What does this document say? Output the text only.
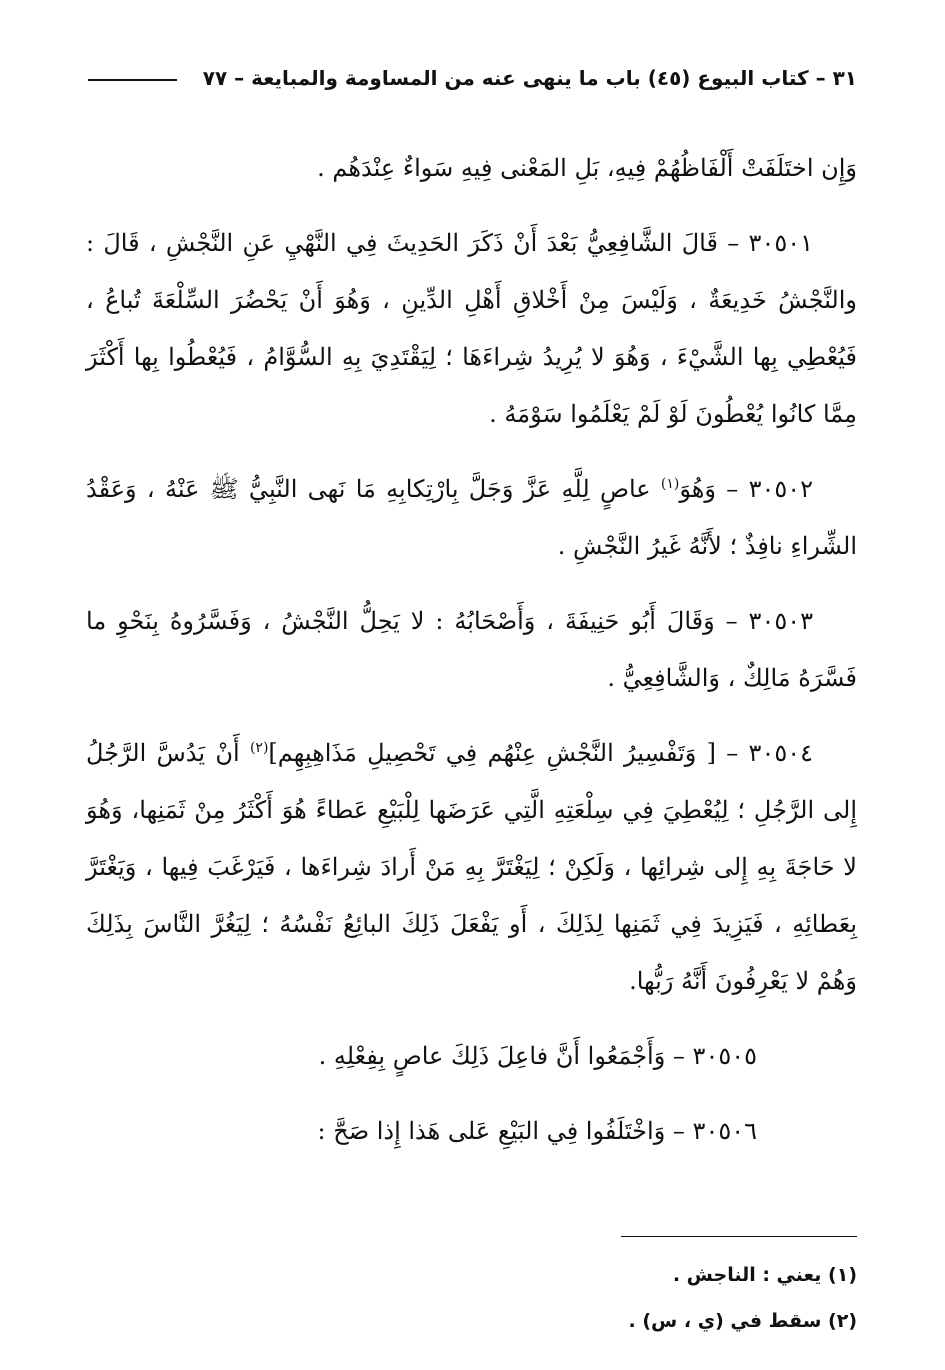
٣١ – كتاب البيوع (٤٥) باب ما ينهى عنه من المساومة والمبايعة – ٧٧

وَإِن اختَلَفَتْ أَلْفَاظُهُمْ فِيهِ، بَلِ المَعْنى فِيهِ سَواءٌ عِنْدَهُم .

٣٠٥٠١ – قَالَ الشَّافِعِيُّ بَعْدَ أَنْ ذَكَرَ الحَدِيثَ فِي النَّهْيِ عَنِ النَّجْشِ ، قَالَ : والنَّجْشُ خَدِيعَةٌ ، وَلَيْسَ مِنْ أَخْلاقِ أَهْلِ الدِّينِ ، وَهُوَ أَنْ يَحْضُرَ السِّلْعَةَ تُباعُ ، فَيُعْطِي بِها الشَّيْءَ ، وَهُوَ لا يُرِيدُ شِراءَهَا ؛ لِيَقْتَدِيَ بِهِ السُّوَّامُ ، فَيُعْطُوا بِها أَكْثَرَ مِمَّا كانُوا يُعْطُونَ لَوْ لَمْ يَعْلَمُوا سَوْمَهُ .

٣٠٥٠٢ – وَهُوَ$^{(١)}$ عاصٍ لِلَّهِ عَزَّ وَجَلَّ بِارْتِكابِهِ مَا نَهى النَّبِيُّ ﷺ عَنْهُ ، وَعَقْدُ الشِّراءِ نافِذٌ ؛ لأَنَّهُ غَيرُ النَّجْشِ .

٣٠٥٠٣ – وَقَالَ أَبُو حَنِيفَةَ ، وَأَصْحَابُهُ : لا يَحِلُّ النَّجْشُ ، وَفَسَّرُوهُ بِنَحْوِ ما فَسَّرَهُ مَالِكٌ ، وَالشَّافِعِيُّ .

٣٠٥٠٤ – [ وَتَفْسِيرُ النَّجْشِ عِنْهُم فِي تَحْصِيلِ مَذَاهِبِهِم]$^{(٢)}$ أَنْ يَدُسَّ الرَّجُلُ إِلى الرَّجُلِ ؛ لِيُعْطِيَ فِي سِلْعَتِهِ الَّتِي عَرَضَها لِلْبَيْعِ عَطاءً هُوَ أَكْثَرُ مِنْ ثَمَنِها، وَهُوَ لا حَاجَةَ بِهِ إِلى شِرائِها ، وَلَكِنْ ؛ لِيَغْتَرَّ بِهِ مَنْ أَرادَ شِراءَها ، فَيَرْغَبَ فِيها ، وَيَغْتَرَّ بِعَطائِهِ ، فَيَزِيدَ فِي ثَمَنِها لِذَلِكَ ، أَو يَفْعَلَ ذَلِكَ البائِعُ نَفْسُهُ ؛ لِيَغُرَّ النَّاسَ بِذَلِكَ وَهُمْ لا يَعْرِفُونَ أَنَّهُ رَبُّها.

٣٠٥٠٥ – وَأَجْمَعُوا أَنَّ فاعِلَ ذَلِكَ عاصٍ بِفِعْلِهِ .

٣٠٥٠٦ – وَاخْتَلَفُوا فِي البَيْعِ عَلى هَذا إِذا صَحَّ :

(١) يعني : الناجش .
(٢) سقط في (ي ، س) .
